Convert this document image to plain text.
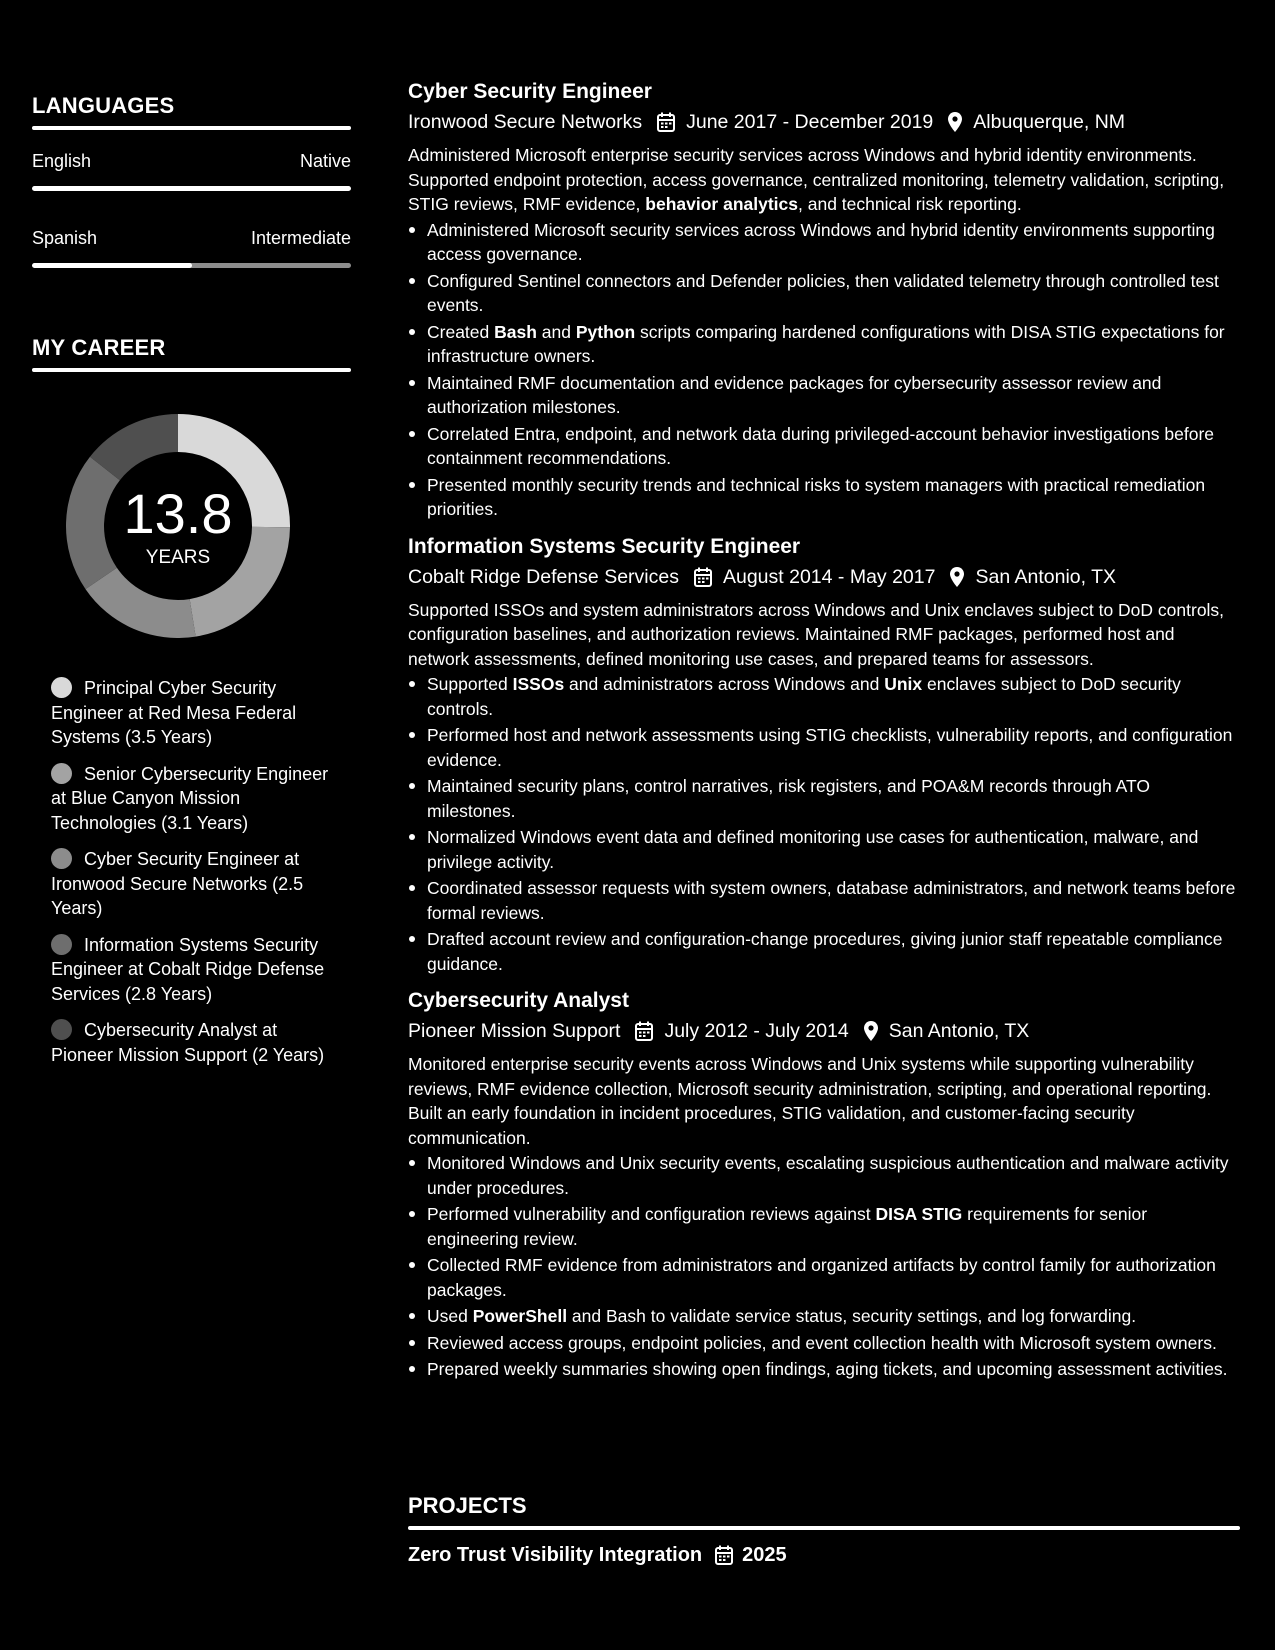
LANGUAGES
English	Native
Spanish	Intermediate
MY CAREER
13.8
YEARS
Principal Cyber Security Engineer at Red Mesa Federal Systems (3.5 Years)
Senior Cybersecurity Engineer at Blue Canyon Mission Technologies (3.1 Years)
Cyber Security Engineer at Ironwood Secure Networks (2.5 Years)
Information Systems Security Engineer at Cobalt Ridge Defense Services (2.8 Years)
Cybersecurity Analyst at Pioneer Mission Support (2 Years)
Cyber Security Engineer
Ironwood Secure Networks June 2017 - December 2019 Albuquerque, NM
Administered Microsoft enterprise security services across Windows and hybrid identity environments. Supported endpoint protection, access governance, centralized monitoring, telemetry validation, scripting, STIG reviews, RMF evidence, behavior analytics, and technical risk reporting.
Administered Microsoft security services across Windows and hybrid identity environments supporting access governance.
Configured Sentinel connectors and Defender policies, then validated telemetry through controlled test events.
Created Bash and Python scripts comparing hardened configurations with DISA STIG expectations for infrastructure owners.
Maintained RMF documentation and evidence packages for cybersecurity assessor review and authorization milestones.
Correlated Entra, endpoint, and network data during privileged-account behavior investigations before containment recommendations.
Presented monthly security trends and technical risks to system managers with practical remediation priorities.
Information Systems Security Engineer
Cobalt Ridge Defense Services August 2014 - May 2017 San Antonio, TX
Supported ISSOs and system administrators across Windows and Unix enclaves subject to DoD controls, configuration baselines, and authorization reviews. Maintained RMF packages, performed host and network assessments, defined monitoring use cases, and prepared teams for assessors.
Supported ISSOs and administrators across Windows and Unix enclaves subject to DoD security controls.
Performed host and network assessments using STIG checklists, vulnerability reports, and configuration evidence.
Maintained security plans, control narratives, risk registers, and POA&M records through ATO milestones.
Normalized Windows event data and defined monitoring use cases for authentication, malware, and privilege activity.
Coordinated assessor requests with system owners, database administrators, and network teams before formal reviews.
Drafted account review and configuration-change procedures, giving junior staff repeatable compliance guidance.
Cybersecurity Analyst
Pioneer Mission Support July 2012 - July 2014 San Antonio, TX
Monitored enterprise security events across Windows and Unix systems while supporting vulnerability reviews, RMF evidence collection, Microsoft security administration, scripting, and operational reporting. Built an early foundation in incident procedures, STIG validation, and customer-facing security communication.
Monitored Windows and Unix security events, escalating suspicious authentication and malware activity under procedures.
Performed vulnerability and configuration reviews against DISA STIG requirements for senior engineering review.
Collected RMF evidence from administrators and organized artifacts by control family for authorization packages.
Used PowerShell and Bash to validate service status, security settings, and log forwarding.
Reviewed access groups, endpoint policies, and event collection health with Microsoft system owners.
Prepared weekly summaries showing open findings, aging tickets, and upcoming assessment activities.
PROJECTS
Zero Trust Visibility Integration 2025
